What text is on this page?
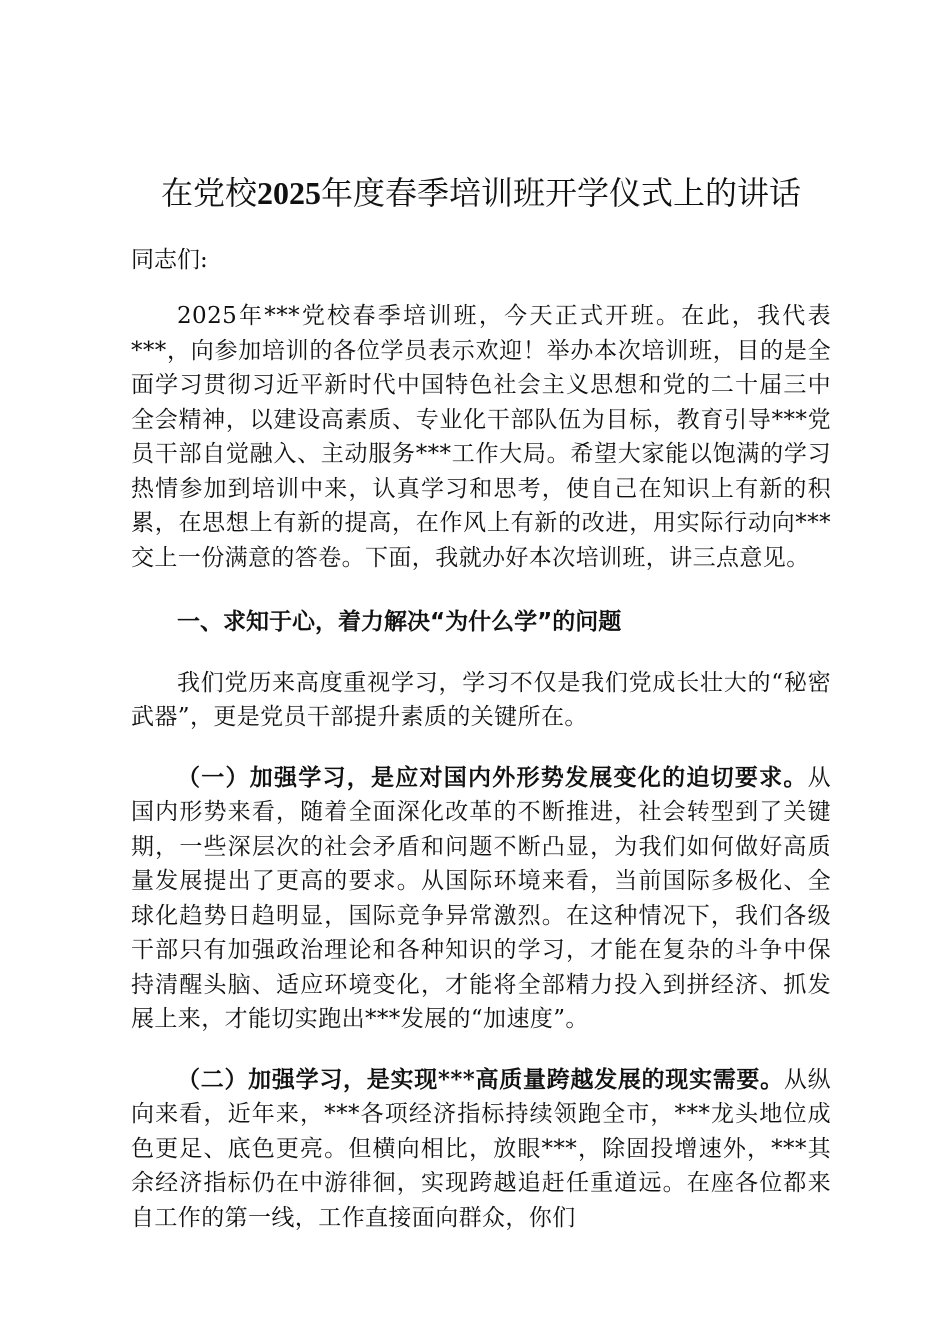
在党校2025年度春季培训班开学仪式上的讲话

同志们:

2025年***党校春季培训班，今天正式开班。在此，我代表***，向参加培训的各位学员表示欢迎！举办本次培训班，目的是全面学习贯彻习近平新时代中国特色社会主义思想和党的二十届三中全会精神，以建设高素质、专业化干部队伍为目标，教育引导***党员干部自觉融入、主动服务***工作大局。希望大家能以饱满的学习热情参加到培训中来，认真学习和思考，使自己在知识上有新的积累，在思想上有新的提高，在作风上有新的改进，用实际行动向***交上一份满意的答卷。下面，我就办好本次培训班，讲三点意见。

一、求知于心，着力解决“为什么学”的问题

我们党历来高度重视学习，学习不仅是我们党成长壮大的“秘密武器”，更是党员干部提升素质的关键所在。

（一）加强学习，是应对国内外形势发展变化的迫切要求。从国内形势来看，随着全面深化改革的不断推进，社会转型到了关键期，一些深层次的社会矛盾和问题不断凸显，为我们如何做好高质量发展提出了更高的要求。从国际环境来看，当前国际多极化、全球化趋势日趋明显，国际竞争异常激烈。在这种情况下，我们各级干部只有加强政治理论和各种知识的学习，才能在复杂的斗争中保持清醒头脑、适应环境变化，才能将全部精力投入到拼经济、抓发展上来，才能切实跑出***发展的“加速度”。

（二）加强学习，是实现***高质量跨越发展的现实需要。从纵向来看，近年来，***各项经济指标持续领跑全市，***龙头地位成色更足、底色更亮。但横向相比，放眼***，除固投增速外，***其余经济指标仍在中游徘徊，实现跨越追赶任重道远。在座各位都来自工作的第一线，工作直接面向群众，你们
